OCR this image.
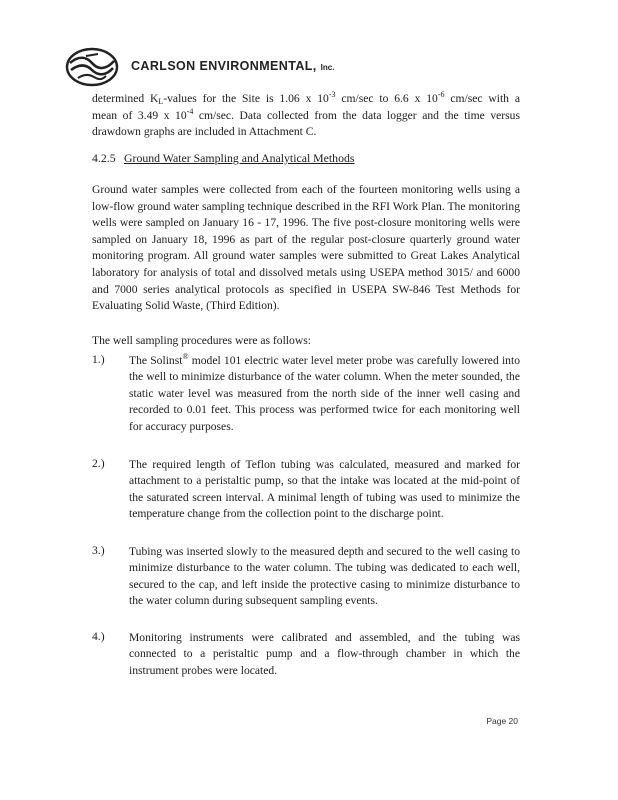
CARLSON ENVIRONMENTAL, Inc.
determined $K_L$-values for the Site is 1.06 x $10^{-3}$ cm/sec to 6.6 x $10^{-6}$ cm/sec with a
mean of 3.49 x $10^{-4}$ cm/sec. Data collected from the data logger and the time versus
drawdown graphs are included in Attachment C.
4.2.5 Ground Water Sampling and Analytical Methods
Ground water samples were collected from each of the fourteen monitoring wells using a low-flow ground water sampling technique described in the RFI Work Plan. The monitoring wells were sampled on January 16 - 17, 1996. The five post-closure monitoring wells were sampled on January 18, 1996 as part of the regular post-closure quarterly ground water monitoring program. All ground water samples were submitted to Great Lakes Analytical laboratory for analysis of total and dissolved metals using USEPA method 3015/ and 6000 and 7000 series analytical protocols as specified in USEPA SW-846 Test Methods for Evaluating Solid Waste, (Third Edition).
The well sampling procedures were as follows:
1.) The Solinst® model 101 electric water level meter probe was carefully lowered into the well to minimize disturbance of the water column. When the meter sounded, the static water level was measured from the north side of the inner well casing and recorded to 0.01 feet. This process was performed twice for each monitoring well for accuracy purposes.
2.) The required length of Teflon tubing was calculated, measured and marked for attachment to a peristaltic pump, so that the intake was located at the mid-point of the saturated screen interval. A minimal length of tubing was used to minimize the temperature change from the collection point to the discharge point.
3.) Tubing was inserted slowly to the measured depth and secured to the well casing to minimize disturbance to the water column. The tubing was dedicated to each well, secured to the cap, and left inside the protective casing to minimize disturbance to the water column during subsequent sampling events.
4.) Monitoring instruments were calibrated and assembled, and the tubing was connected to a peristaltic pump and a flow-through chamber in which the instrument probes were located.
Page 20
